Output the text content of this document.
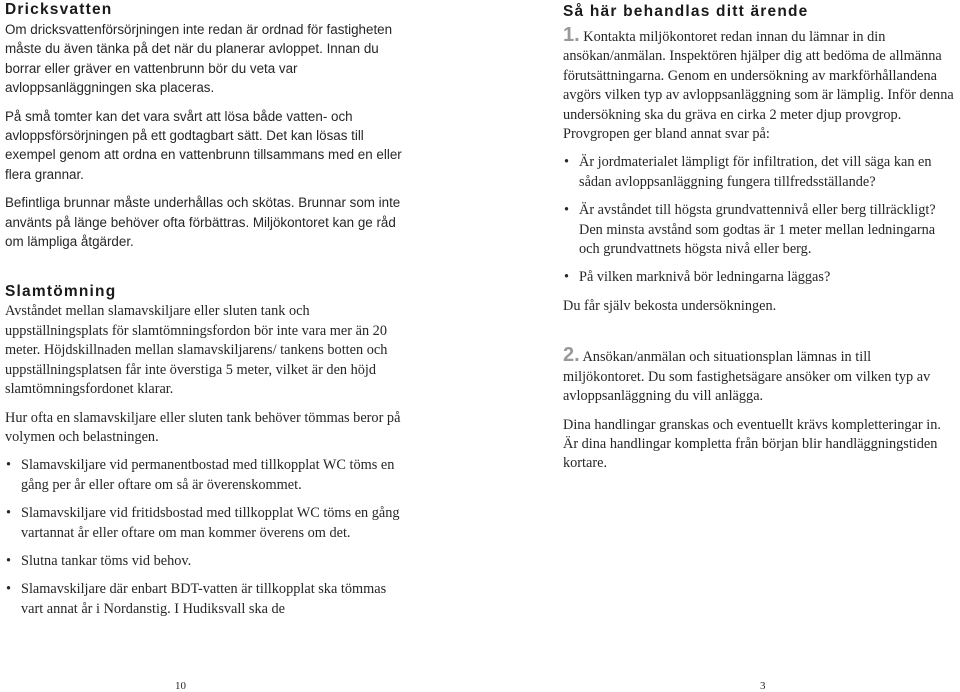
Dricksvatten

Om dricksvattenförsörjningen inte redan är ordnad för fastigheten måste du även tänka på det när du planerar avloppet. Innan du borrar eller gräver en vattenbrunn bör du veta var avloppsanläggningen ska placeras.

På små tomter kan det vara svårt att lösa både vatten- och avloppsförsörjningen på ett godtagbart sätt. Det kan lösas till exempel genom att ordna en vattenbrunn tillsammans med en eller flera grannar.

Befintliga brunnar måste underhållas och skötas. Brunnar som inte använts på länge behöver ofta förbättras. Miljökontoret kan ge råd om lämpliga åtgärder.

Slamtömning

Avståndet mellan slamavskiljare eller sluten tank och uppställningsplats för slamtömningsfordon bör inte vara mer än 20 meter. Höjdskillnaden mellan slamavskiljarens/ tankens botten och uppställningsplatsen får inte överstiga 5 meter, vilket är den höjd slamtömningsfordonet klarar.

Hur ofta en slamavskiljare eller sluten tank behöver tömmas beror på volymen och belastningen.

• Slamavskiljare vid permanentbostad med tillkopplat WC töms en gång per år eller oftare om så är överenskommet.
• Slamavskiljare vid fritidsbostad med tillkopplat WC töms en gång vartannat år eller oftare om man kommer överens om det.
• Slutna tankar töms vid behov.
• Slamavskiljare där enbart BDT-vatten är tillkopplat ska tömmas vart annat år i Nordanstig. I Hudiksvall ska de
Så här behandlas ditt ärende

1. Kontakta miljökontoret redan innan du lämnar in din ansökan/anmälan. Inspektören hjälper dig att bedöma de allmänna förutsättningarna. Genom en undersökning av markförhållandena avgörs vilken typ av avloppsanläggning som är lämplig. Inför denna undersökning ska du gräva en cirka 2 meter djup provgrop. Provgropen ger bland annat svar på:

• Är jordmaterialet lämpligt för infiltration, det vill säga kan en sådan avloppsanläggning fungera tillfredsställande?
• Är avståndet till högsta grundvattennivå eller berg tillräckligt? Den minsta avstånd som godtas är 1 meter mellan ledningarna och grundvattnets högsta nivå eller berg.
• På vilken marknivå bör ledningarna läggas?

Du får själv bekosta undersökningen.

2. Ansökan/anmälan och situationsplan lämnas in till miljökontoret. Du som fastighetsägare ansöker om vilken typ av avloppsanläggning du vill anlägga.

Dina handlingar granskas och eventuellt krävs kompletteringar in. Är dina handlingar kompletta från början blir handläggningstiden kortare.

10	3
